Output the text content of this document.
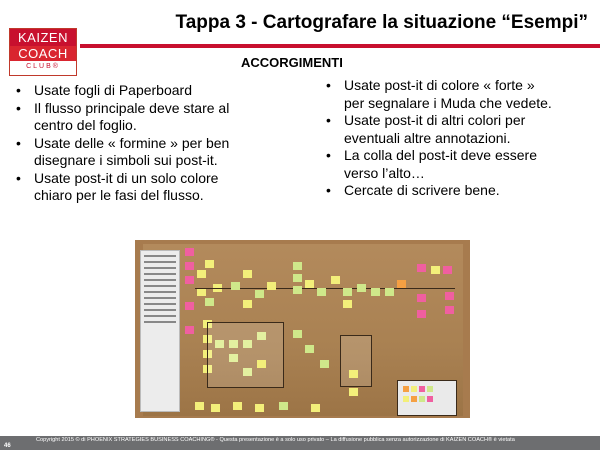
KAIZEN
COACH
CLUB®
Tappa 3 - Cartografare la situazione “Esempi”
ACCORGIMENTI
• Usate fogli di Paperboard
• Il flusso principale deve stare al centro del foglio.
• Usate delle « formine » per ben disegnare i simboli sui post-it.
• Usate post-it di un solo colore chiaro per le fasi del flusso.
• Usate post-it di colore « forte » per segnalare i Muda che vedete.
• Usate post-it di altri colori per eventuali altre annotazioni.
• La colla del post-it deve essere verso l’alto…
• Cercate di scrivere bene.
Copyright 2015 © di PHOENIX STRATEGIES BUSINESS COACHING® - Questa presentazione è a solo uso privato – La diffusione pubblica senza autorizzazione di KAIZEN COACH® è vietata
46
